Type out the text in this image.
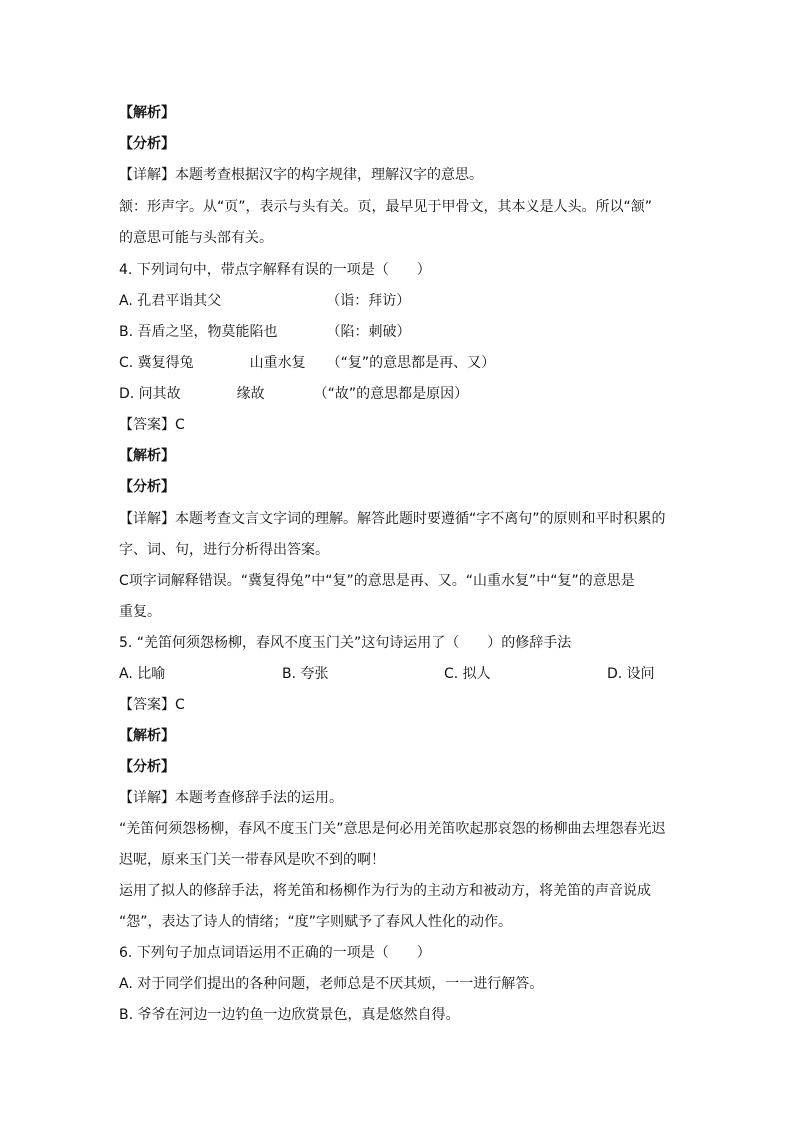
【解析】
【分析】
【详解】本题考查根据汉字的构字规律，理解汉字的意思。
颔：形声字。从“页”，表示与头有关。页，最早见于甲骨文，其本义是人头。所以“颔”
的意思可能与头部有关。
4. 下列词句中，带点字解释有误的一项是（　　）
A. 孔君平诣其父　　　　　　　　（诣：拜访）
B. 吾盾之坚，物莫能陷也　　　　（陷：刺破）
C. 冀复得兔　　　　山重水复　　（“复”的意思都是再、又）
D. 问其故　　　　缘故　　　　（“故”的意思都是原因）
【答案】C
【解析】
【分析】
【详解】本题考查文言文字词的理解。解答此题时要遵循“字不离句”的原则和平时积累的
字、词、句，进行分析得出答案。
C项字词解释错误。“冀复得兔”中“复”的意思是再、又。“山重水复”中“复”的意思是
重复。
5. “羌笛何须怨杨柳，春风不度玉门关”这句诗运用了（　　）的修辞手法
A. 比喻	B. 夸张	C. 拟人	D. 设问
【答案】C
【解析】
【分析】
【详解】本题考查修辞手法的运用。
“羌笛何须怨杨柳，春风不度玉门关”意思是何必用羌笛吹起那哀怨的杨柳曲去埋怨春光迟
迟呢，原来玉门关一带春风是吹不到的啊！
运用了拟人的修辞手法，将羌笛和杨柳作为行为的主动方和被动方，将羌笛的声音说成
“怨”，表达了诗人的情绪；“度”字则赋予了春风人性化的动作。
6. 下列句子加点词语运用不正确的一项是（　　）
A. 对于同学们提出的各种问题，老师总是不厌其烦，一一进行解答。
B. 爷爷在河边一边钓鱼一边欣赏景色，真是悠然自得。
